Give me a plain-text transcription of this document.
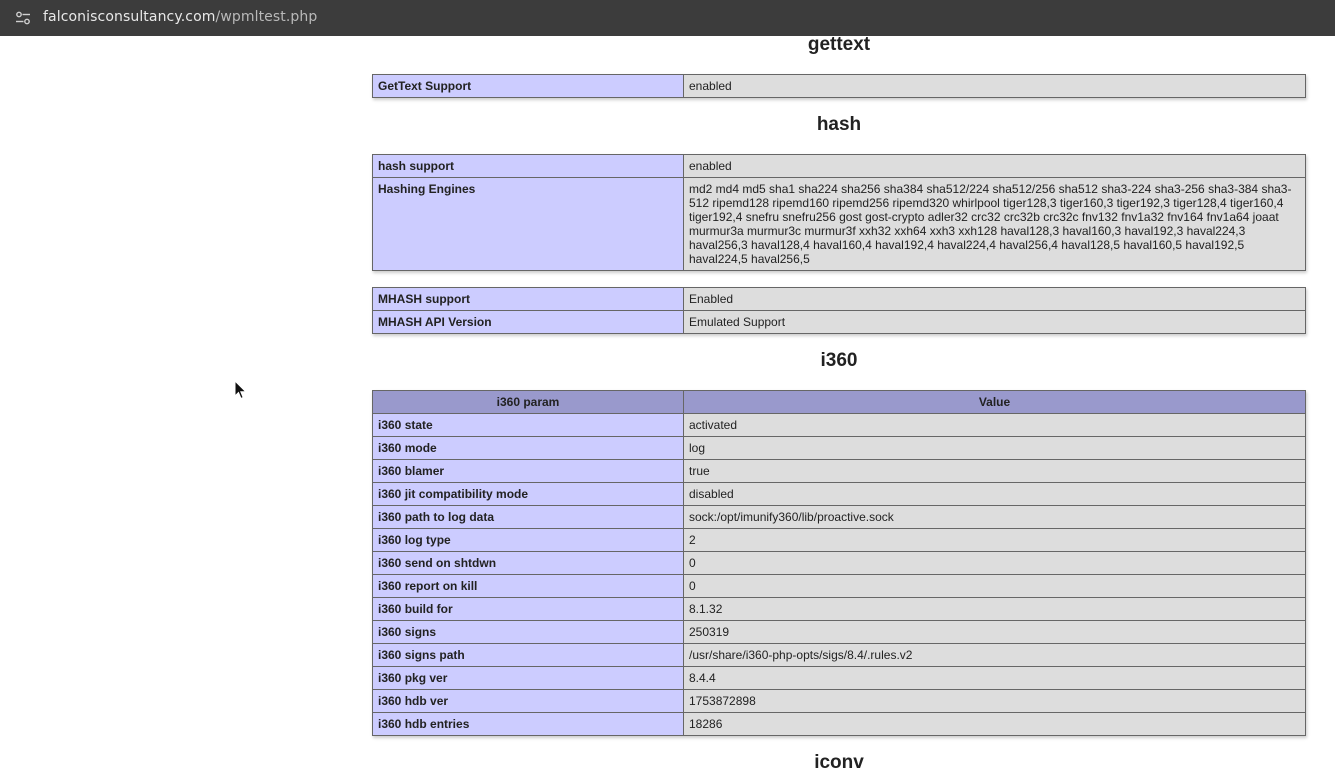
falconisconsultancy.com/wpmltest.php
gettext
GetText Support	enabled
hash
hash support	enabled
Hashing Engines	md2 md4 md5 sha1 sha224 sha256 sha384 sha512/224 sha512/256 sha512 sha3-224 sha3-256 sha3-384 sha3-512 ripemd128 ripemd160 ripemd256 ripemd320 whirlpool tiger128,3 tiger160,3 tiger192,3 tiger128,4 tiger160,4 tiger192,4 snefru snefru256 gost gost-crypto adler32 crc32 crc32b crc32c fnv132 fnv1a32 fnv164 fnv1a64 joaat murmur3a murmur3c murmur3f xxh32 xxh64 xxh3 xxh128 haval128,3 haval160,3 haval192,3 haval224,3 haval256,3 haval128,4 haval160,4 haval192,4 haval224,4 haval256,4 haval128,5 haval160,5 haval192,5 haval224,5 haval256,5
MHASH support	Enabled
MHASH API Version	Emulated Support
i360
i360 param	Value
i360 state	activated
i360 mode	log
i360 blamer	true
i360 jit compatibility mode	disabled
i360 path to log data	sock:/opt/imunify360/lib/proactive.sock
i360 log type	2
i360 send on shtdwn	0
i360 report on kill	0
i360 build for	8.1.32
i360 signs	250319
i360 signs path	/usr/share/i360-php-opts/sigs/8.4/.rules.v2
i360 pkg ver	8.4.4
i360 hdb ver	1753872898
i360 hdb entries	18286
iconv
